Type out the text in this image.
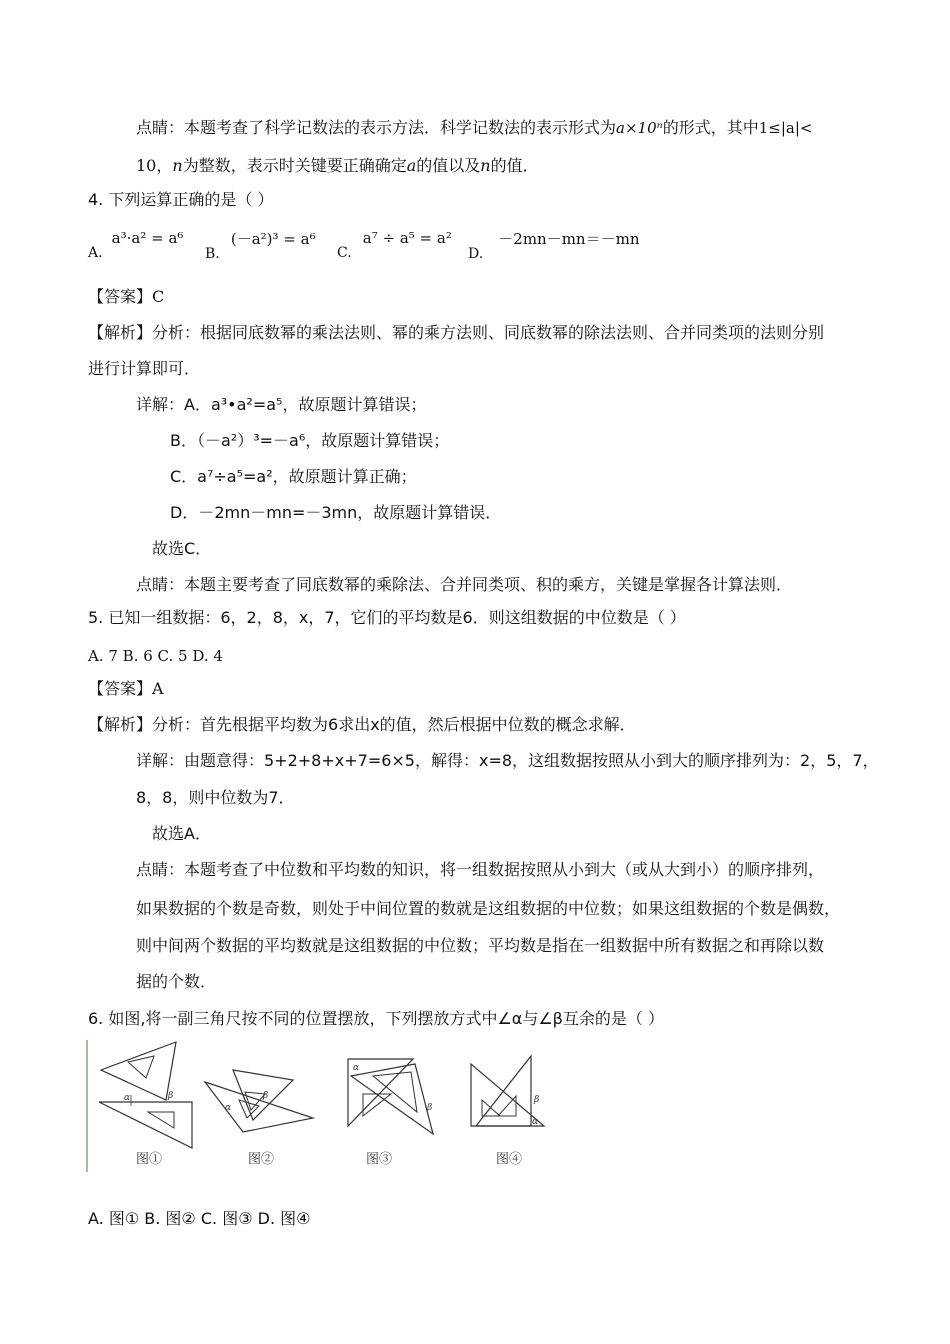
点睛：本题考查了科学记数法的表示方法．科学记数法的表示形式为a×10ⁿ的形式，其中1≤|a|<
10，n为整数，表示时关键要正确确定a的值以及n的值．
4. 下列运算正确的是（ ）
A. a³·a² = a⁶
B. (－a²)³ = a⁶
C. a⁷ ÷ a⁵ = a²
D. －2mn－mn＝－mn
【答案】C
【解析】分析：根据同底数幂的乘法法则、幂的乘方法则、同底数幂的除法法则、合并同类项的法则分别
进行计算即可．
详解：A．a³•a²=a⁵，故原题计算错误；
B．（－a²）³=－a⁶，故原题计算错误；
C．a⁷÷a⁵=a²，故原题计算正确；
D．－2mn－mn=－3mn，故原题计算错误．
故选C．
点睛：本题主要考查了同底数幂的乘除法、合并同类项、积的乘方，关键是掌握各计算法则．
5. 已知一组数据：6，2，8，x，7，它们的平均数是6．则这组数据的中位数是（ ）
A. 7 B. 6 C. 5 D. 4
【答案】A
【解析】分析：首先根据平均数为6求出x的值，然后根据中位数的概念求解．
详解：由题意得：5+2+8+x+7=6×5，解得：x=8，这组数据按照从小到大的顺序排列为：2，5，7，
8，8，则中位数为7．
故选A．
点睛：本题考查了中位数和平均数的知识，将一组数据按照从小到大（或从大到小）的顺序排列，
如果数据的个数是奇数，则处于中间位置的数就是这组数据的中位数；如果这组数据的个数是偶数，
则中间两个数据的平均数就是这组数据的中位数；平均数是指在一组数据中所有数据之和再除以数
据的个数．
6. 如图,将一副三角尺按不同的位置摆放，下列摆放方式中∠α与∠β互余的是（ ）
α	β
图①
α
β
图②
α
β
图③
β
α
图④
A. 图① B. 图② C. 图③ D. 图④
